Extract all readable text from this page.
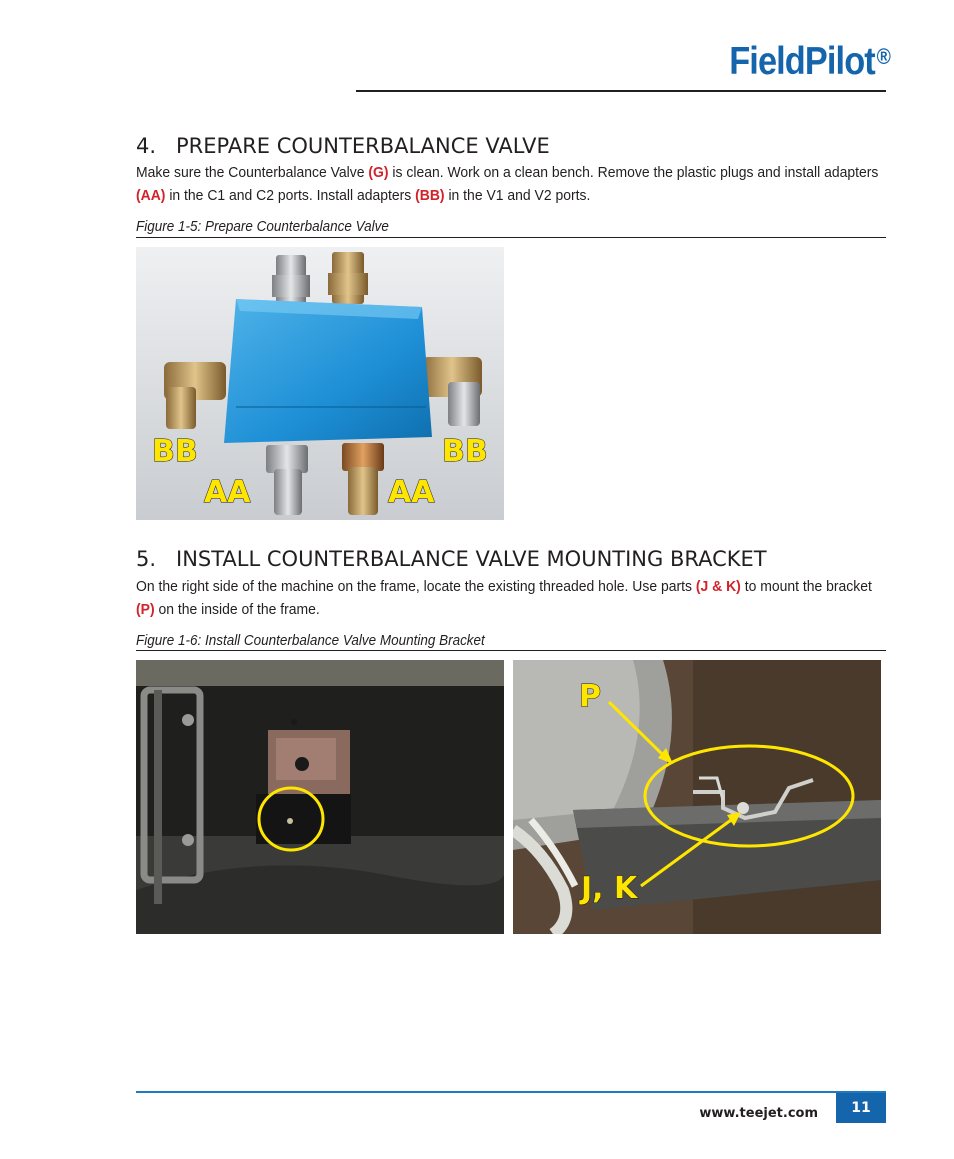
FieldPilot®
4. PREPARE COUNTERBALANCE VALVE
Make sure the Counterbalance Valve (G) is clean. Work on a clean bench. Remove the plastic plugs and install adapters (AA) in the C1 and C2 ports. Install adapters (BB) in the V1 and V2 ports.
Figure 1-5: Prepare Counterbalance Valve
BB	BB
AA	AA
5. INSTALL COUNTERBALANCE VALVE MOUNTING BRACKET
On the right side of the machine on the frame, locate the existing threaded hole. Use parts (J & K) to mount the bracket (P) on the inside of the frame.
Figure 1-6: Install Counterbalance Valve Mounting Bracket
P
J, K
www.teejet.com	11
